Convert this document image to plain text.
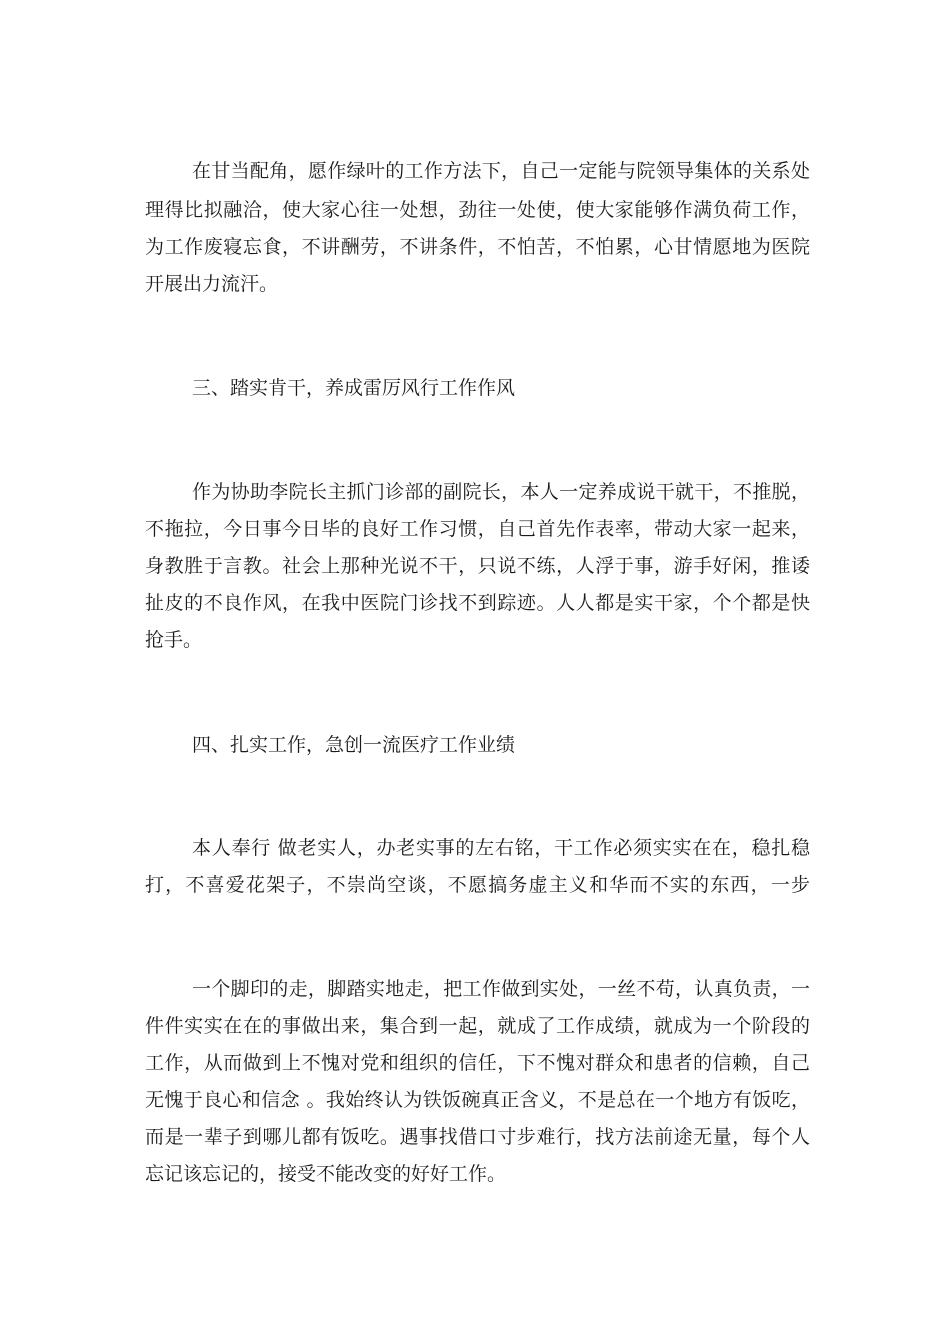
在甘当配角，愿作绿叶的工作方法下，自己一定能与院领导集体的关系处
理得比拟融洽，使大家心往一处想，劲往一处使，使大家能够作满负荷工作，
为工作废寝忘食，不讲酬劳，不讲条件，不怕苦，不怕累，心甘情愿地为医院
开展出力流汗。
三、踏实肯干，养成雷厉风行工作作风
作为协助李院长主抓门诊部的副院长，本人一定养成说干就干，不推脱，
不拖拉，今日事今日毕的良好工作习惯，自己首先作表率，带动大家一起来，
身教胜于言教。社会上那种光说不干，只说不练，人浮于事，游手好闲，推诿
扯皮的不良作风，在我中医院门诊找不到踪迹。人人都是实干家，个个都是快
抢手。
四、扎实工作，急创一流医疗工作业绩
本人奉行 做老实人，办老实事的左右铭，干工作必须实实在在，稳扎稳
打，不喜爱花架子，不崇尚空谈，不愿搞务虚主义和华而不实的东西，一步
一个脚印的走，脚踏实地走，把工作做到实处，一丝不苟，认真负责，一
件件实实在在的事做出来，集合到一起，就成了工作成绩，就成为一个阶段的
工作，从而做到上不愧对党和组织的信任，下不愧对群众和患者的信赖，自己
无愧于良心和信念 。我始终认为铁饭碗真正含义，不是总在一个地方有饭吃，
而是一辈子到哪儿都有饭吃。遇事找借口寸步难行，找方法前途无量，每个人
忘记该忘记的，接受不能改变的好好工作。
